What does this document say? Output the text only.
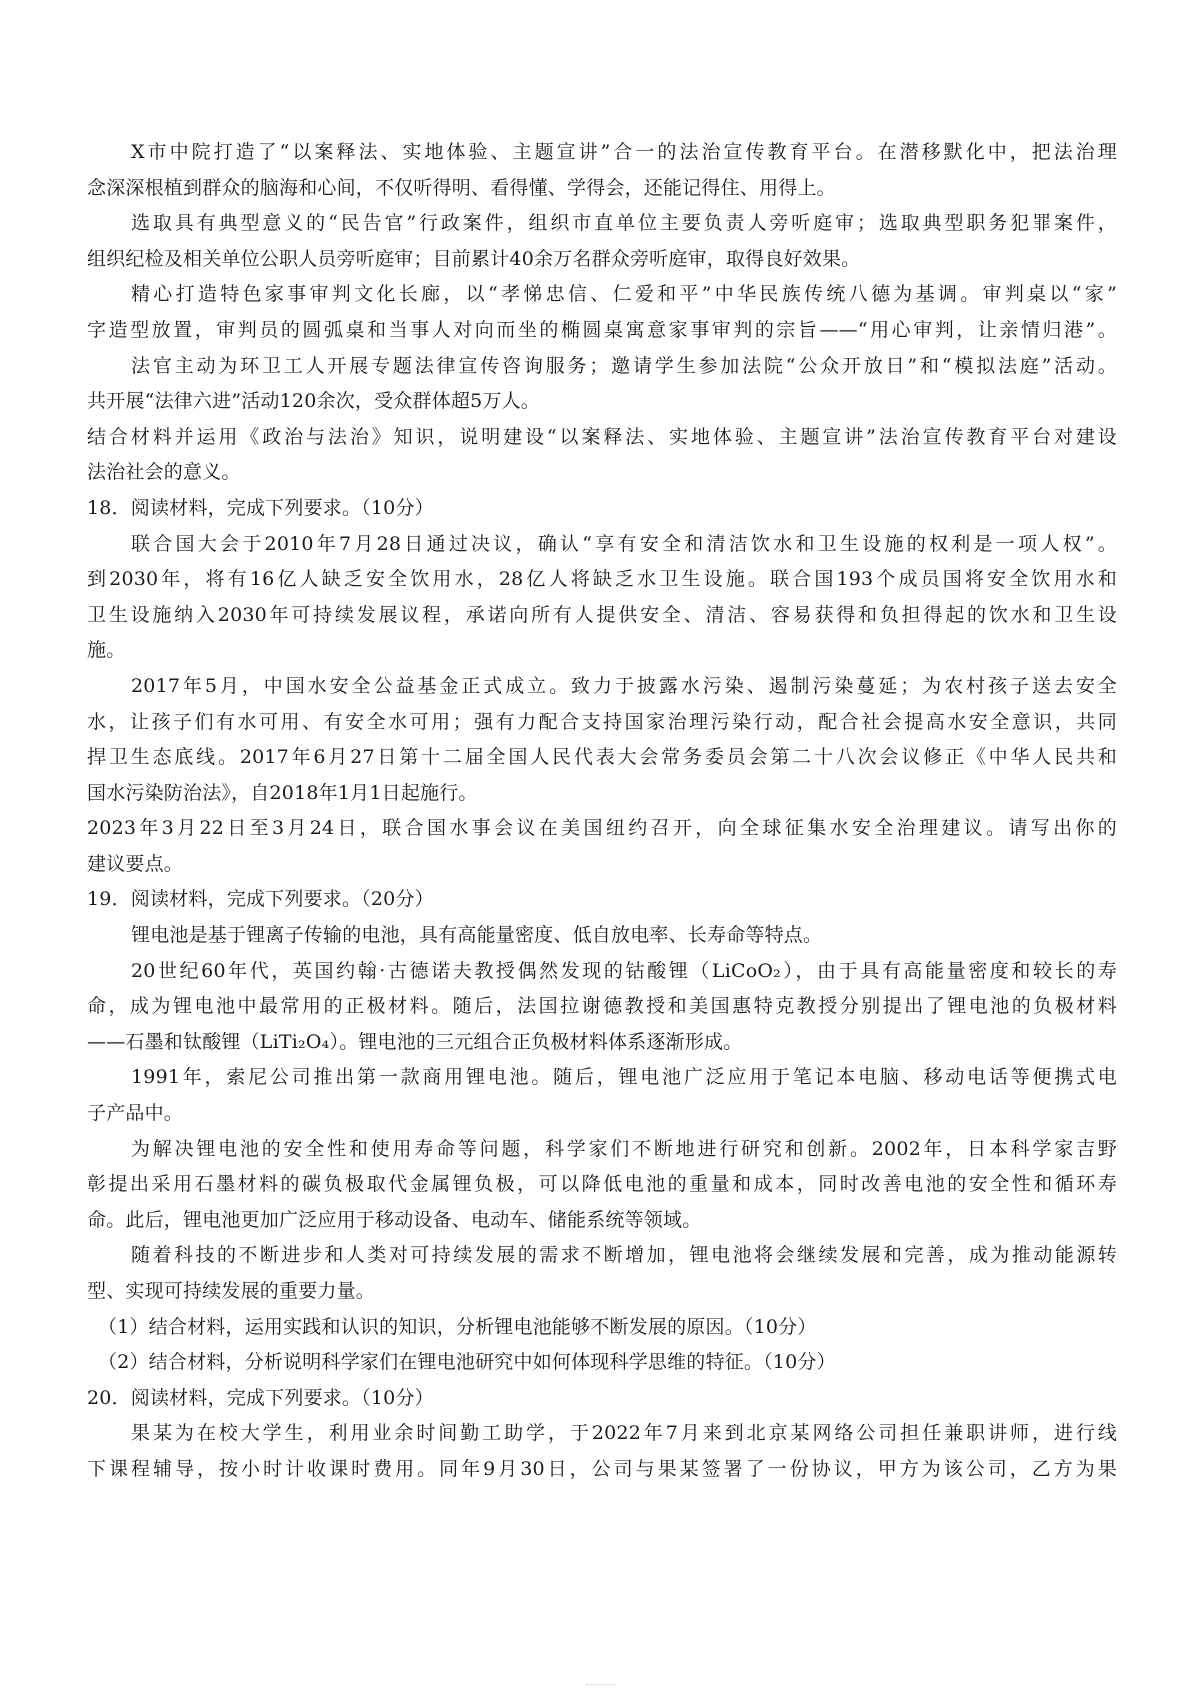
X市中院打造了“以案释法、实地体验、主题宣讲”合一的法治宣传教育平台。在潜移默化中，把法治理
念深深根植到群众的脑海和心间，不仅听得明、看得懂、学得会，还能记得住、用得上。
选取具有典型意义的“民告官”行政案件，组织市直单位主要负责人旁听庭审；选取典型职务犯罪案件，
组织纪检及相关单位公职人员旁听庭审；目前累计40余万名群众旁听庭审，取得良好效果。
精心打造特色家事审判文化长廊，以“孝悌忠信、仁爱和平”中华民族传统八德为基调。审判桌以“家”
字造型放置，审判员的圆弧桌和当事人对向而坐的椭圆桌寓意家事审判的宗旨——“用心审判，让亲情归港”。
法官主动为环卫工人开展专题法律宣传咨询服务；邀请学生参加法院“公众开放日”和“模拟法庭”活动。
共开展“法律六进”活动120余次，受众群体超5万人。
结合材料并运用《政治与法治》知识，说明建设“以案释法、实地体验、主题宣讲”法治宣传教育平台对建设
法治社会的意义。
18．阅读材料，完成下列要求。（10分）
联合国大会于2010年7月28日通过决议，确认“享有安全和清洁饮水和卫生设施的权利是一项人权”。
到2030年，将有16亿人缺乏安全饮用水，28亿人将缺乏水卫生设施。联合国193个成员国将安全饮用水和
卫生设施纳入2030年可持续发展议程，承诺向所有人提供安全、清洁、容易获得和负担得起的饮水和卫生设
施。
2017年5月，中国水安全公益基金正式成立。致力于披露水污染、遏制污染蔓延；为农村孩子送去安全
水，让孩子们有水可用、有安全水可用；强有力配合支持国家治理污染行动，配合社会提高水安全意识，共同
捍卫生态底线。2017年6月27日第十二届全国人民代表大会常务委员会第二十八次会议修正《中华人民共和
国水污染防治法》，自2018年1月1日起施行。
2023年3月22日至3月24日，联合国水事会议在美国纽约召开，向全球征集水安全治理建议。请写出你的
建议要点。
19．阅读材料，完成下列要求。（20分）
锂电池是基于锂离子传输的电池，具有高能量密度、低自放电率、长寿命等特点。
20世纪60年代，英国约翰·古德诺夫教授偶然发现的钴酸锂（LiCoO₂），由于具有高能量密度和较长的寿
命，成为锂电池中最常用的正极材料。随后，法国拉谢德教授和美国惠特克教授分别提出了锂电池的负极材料
——石墨和钛酸锂（LiTi₂O₄）。锂电池的三元组合正负极材料体系逐渐形成。
1991年，索尼公司推出第一款商用锂电池。随后，锂电池广泛应用于笔记本电脑、移动电话等便携式电
子产品中。
为解决锂电池的安全性和使用寿命等问题，科学家们不断地进行研究和创新。2002年，日本科学家吉野
彰提出采用石墨材料的碳负极取代金属锂负极，可以降低电池的重量和成本，同时改善电池的安全性和循环寿
命。此后，锂电池更加广泛应用于移动设备、电动车、储能系统等领域。
随着科技的不断进步和人类对可持续发展的需求不断增加，锂电池将会继续发展和完善，成为推动能源转
型、实现可持续发展的重要力量。
（1）结合材料，运用实践和认识的知识，分析锂电池能够不断发展的原因。（10分）
（2）结合材料，分析说明科学家们在锂电池研究中如何体现科学思维的特征。（10分）
20．阅读材料，完成下列要求。（10分）
果某为在校大学生，利用业余时间勤工助学，于2022年7月来到北京某网络公司担任兼职讲师，进行线
下课程辅导，按小时计收课时费用。同年9月30日，公司与果某签署了一份协议，甲方为该公司，乙方为果
